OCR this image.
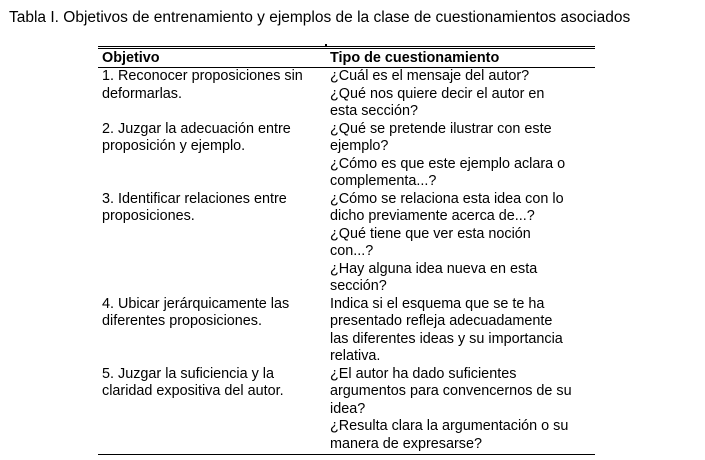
Tabla I. Objetivos de entrenamiento y ejemplos de la clase de cuestionamientos asociados
Objetivo	Tipo de cuestionamiento
1. Reconocer proposiciones sin
deformarlas.
¿Cuál es el mensaje del autor?
¿Qué nos quiere decir el autor en
esta sección?
2. Juzgar la adecuación entre
proposición y ejemplo.
¿Qué se pretende ilustrar con este
ejemplo?
¿Cómo es que este ejemplo aclara o
complementa...?
3. Identificar relaciones entre
proposiciones.
¿Cómo se relaciona esta idea con lo
dicho previamente acerca de...?
¿Qué tiene que ver esta noción
con...?
¿Hay alguna idea nueva en esta
sección?
4. Ubicar jerárquicamente las
diferentes proposiciones.
Indica si el esquema que se te ha
presentado refleja adecuadamente
las diferentes ideas y su importancia
relativa.
5. Juzgar la suficiencia y la
claridad expositiva del autor.
¿El autor ha dado suficientes
argumentos para convencernos de su
idea?
¿Resulta clara la argumentación o su
manera de expresarse?
